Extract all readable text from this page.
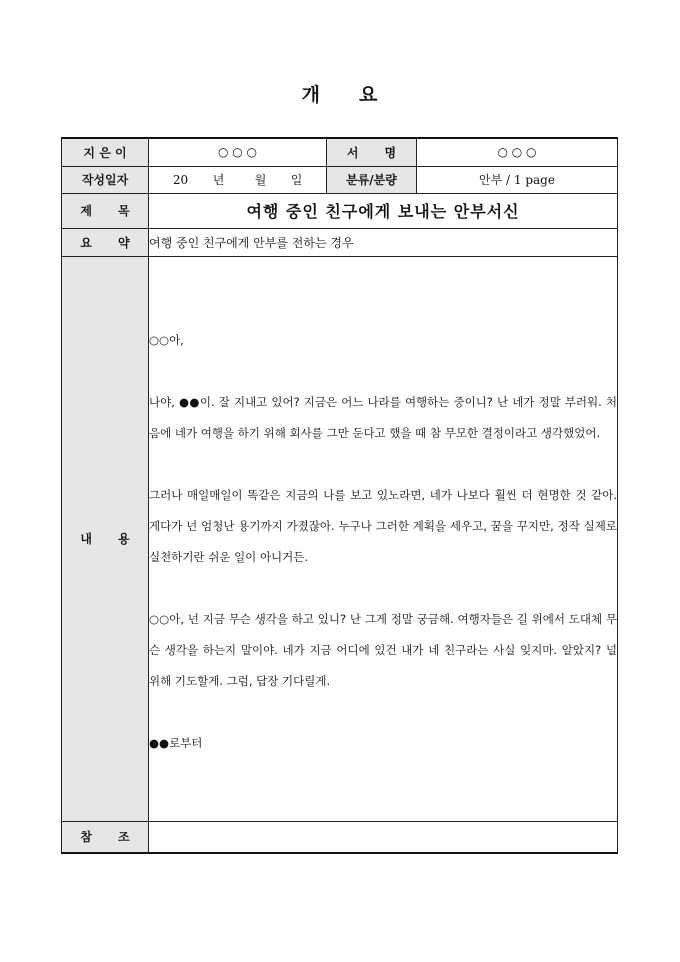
개 요
지 은 이	○ ○ ○	서 명	○ ○ ○
작성일자	20 년 월 일	분류/분량	안부 / 1 page
제 목	여행 중인 친구에게 보내는 안부서신		
요 약	여행 중인 친구에게 안부를 전하는 경우		
내 용	○○아,

나야, ●●이. 잘 지내고 있어? 지금은 어느 나라를 여행하는 중이니? 난 네가 정말 부러워. 처음에 네가 여행을 하기 위해 회사를 그만 둔다고 했을 때 참 무모한 결정이라고 생각했었어.

그러나 매일매일이 똑같은 지금의 나를 보고 있노라면, 네가 나보다 훨씬 더 현명한 것 같아. 게다가 넌 엄청난 용기까지 가졌잖아. 누구나 그러한 계획을 세우고, 꿈을 꾸지만, 정작 실제로 실천하기란 쉬운 일이 아니거든.

○○아, 넌 지금 무슨 생각을 하고 있니? 난 그게 정말 궁금해. 여행자들은 길 위에서 도대체 무슨 생각을 하는지 말이야. 네가 지금 어디에 있건 내가 네 친구라는 사실 잊지마. 알았지? 널 위해 기도할게. 그럼, 답장 기다릴게.

●●로부터		

참 조			
